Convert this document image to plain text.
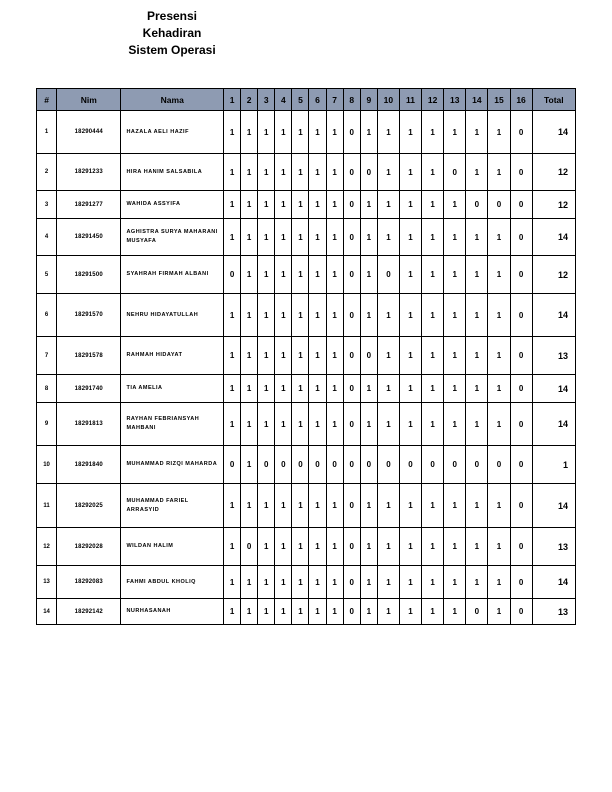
Presensi
Kehadiran
Sistem Operasi
#	Nim	Nama	1	2	3	4	5	6	7	8	9	10	11	12	13	14	15	16	Total
1	18290444	HAZALA AELI HAZIF	1	1	1	1	1	1	1	0	1	1	1	1	1	1	1	0	14
2	18291233	HIRA HANIM SALSABILA	1	1	1	1	1	1	1	0	0	1	1	1	0	1	1	0	12
3	18291277	WAHIDA ASSYIFA	1	1	1	1	1	1	1	0	1	1	1	1	1	0	0	0	12
4	18291450	AGHISTRA SURYA MAHARANI MUSYAFA	1	1	1	1	1	1	1	0	1	1	1	1	1	1	1	0	14
5	18291500	SYAHRAH FIRMAH ALBANI	0	1	1	1	1	1	1	0	1	0	1	1	1	1	1	0	12
6	18291570	NEHRU HIDAYATULLAH	1	1	1	1	1	1	1	0	1	1	1	1	1	1	1	0	14
7	18291578	RAHMAH HIDAYAT	1	1	1	1	1	1	1	0	0	1	1	1	1	1	1	0	13
8	18291740	TIA AMELIA	1	1	1	1	1	1	1	0	1	1	1	1	1	1	1	0	14
9	18291813	RAYHAN FEBRIANSYAH MAHBANI	1	1	1	1	1	1	1	0	1	1	1	1	1	1	1	0	14
10	18291840	MUHAMMAD RIZQI MAHARDA	0	1	0	0	0	0	0	0	0	0	0	0	0	0	0	0	1
11	18292025	MUHAMMAD FARIEL ARRASYID	1	1	1	1	1	1	1	0	1	1	1	1	1	1	1	0	14
12	18292028	WILDAN HALIM	1	0	1	1	1	1	1	0	1	1	1	1	1	1	1	0	13
13	18292083	FAHMI ABDUL KHOLIQ	1	1	1	1	1	1	1	0	1	1	1	1	1	1	1	0	14
14	18292142	NURHASANAH	1	1	1	1	1	1	1	0	1	1	1	1	1	0	1	0	13
